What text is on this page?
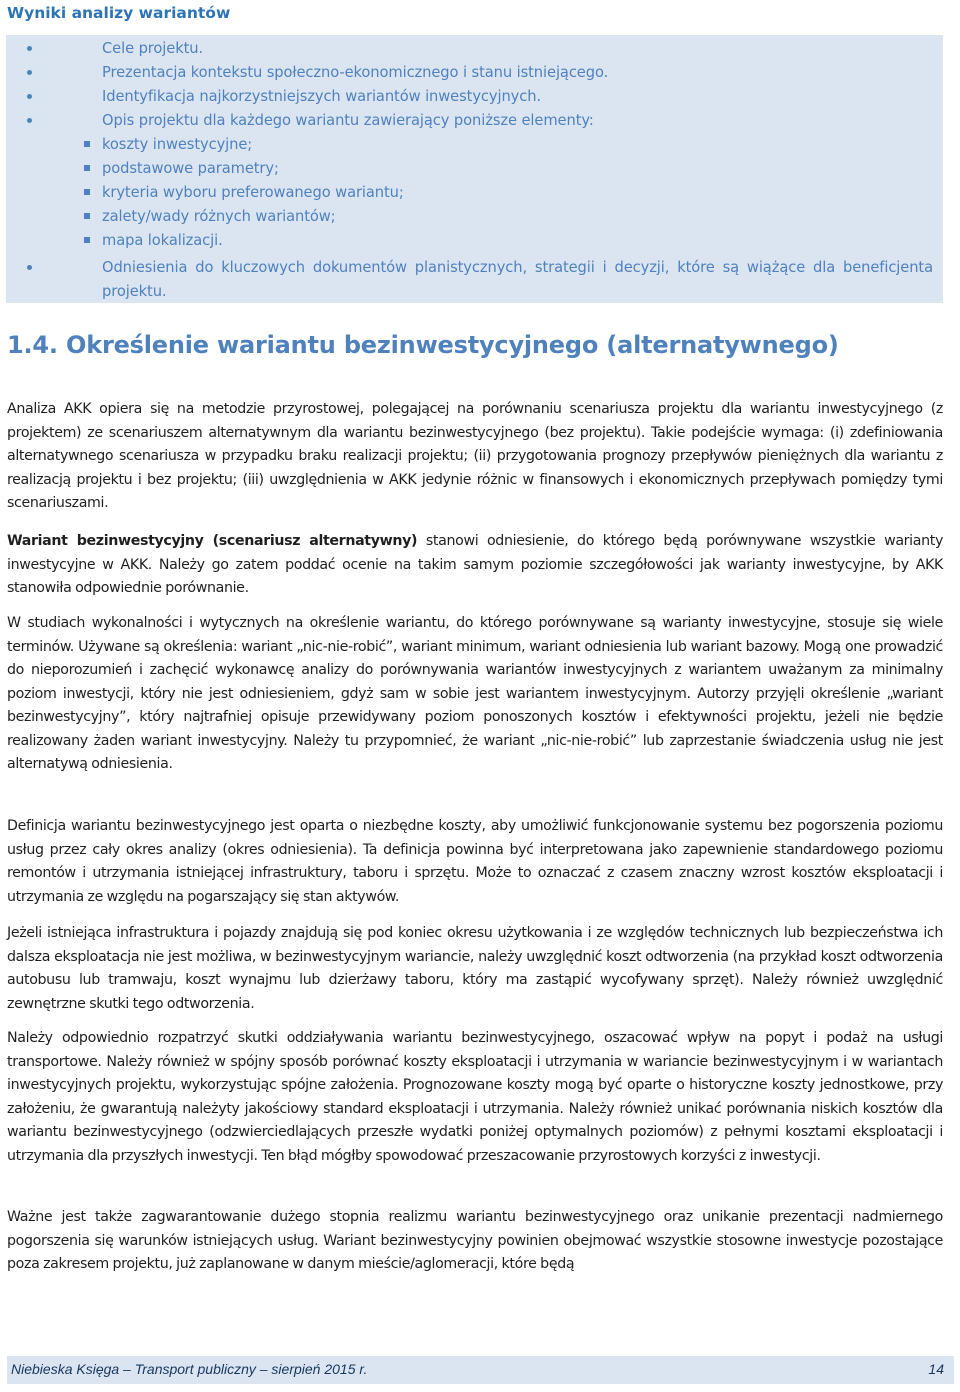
Wyniki analizy wariantów
Cele projektu.
Prezentacja kontekstu społeczno-ekonomicznego i stanu istniejącego.
Identyfikacja najkorzystniejszych wariantów inwestycyjnych.
Opis projektu dla każdego wariantu zawierający poniższe elementy:
koszty inwestycyjne;
podstawowe parametry;
kryteria wyboru preferowanego wariantu;
zalety/wady różnych wariantów;
mapa lokalizacji.
Odniesienia do kluczowych dokumentów planistycznych, strategii i decyzji, które są wiążące dla beneficjenta projektu.
1.4. Określenie wariantu bezinwestycyjnego (alternatywnego)
Analiza AKK opiera się na metodzie przyrostowej, polegającej na porównaniu scenariusza projektu dla wariantu inwestycyjnego (z projektem) ze scenariuszem alternatywnym dla wariantu bezinwestycyjnego (bez projektu). Takie podejście wymaga: (i) zdefiniowania alternatywnego scenariusza w przypadku braku realizacji projektu; (ii) przygotowania prognozy przepływów pieniężnych dla wariantu z realizacją projektu i bez projektu; (iii) uwzględnienia w AKK jedynie różnic w finansowych i ekonomicznych przepływach pomiędzy tymi scenariuszami.
Wariant bezinwestycyjny (scenariusz alternatywny) stanowi odniesienie, do którego będą porównywane wszystkie warianty inwestycyjne w AKK. Należy go zatem poddać ocenie na takim samym poziomie szczegółowości jak warianty inwestycyjne, by AKK stanowiła odpowiednie porównanie.
W studiach wykonalności i wytycznych na określenie wariantu, do którego porównywane są warianty inwestycyjne, stosuje się wiele terminów. Używane są określenia: wariant „nic-nie-robić”, wariant minimum, wariant odniesienia lub wariant bazowy. Mogą one prowadzić do nieporozumień i zachęcić wykonawcę analizy do porównywania wariantów inwestycyjnych z wariantem uważanym za minimalny poziom inwestycji, który nie jest odniesieniem, gdyż sam w sobie jest wariantem inwestycyjnym. Autorzy przyjęli określenie „wariant bezinwestycyjny”, który najtrafniej opisuje przewidywany poziom ponoszonych kosztów i efektywności projektu, jeżeli nie będzie realizowany żaden wariant inwestycyjny. Należy tu przypomnieć, że wariant „nic-nie-robić” lub zaprzestanie świadczenia usług nie jest alternatywą odniesienia.
Definicja wariantu bezinwestycyjnego jest oparta o niezbędne koszty, aby umożliwić funkcjonowanie systemu bez pogorszenia poziomu usług przez cały okres analizy (okres odniesienia). Ta definicja powinna być interpretowana jako zapewnienie standardowego poziomu remontów i utrzymania istniejącej infrastruktury, taboru i sprzętu. Może to oznaczać z czasem znaczny wzrost kosztów eksploatacji i utrzymania ze względu na pogarszający się stan aktywów.
Jeżeli istniejąca infrastruktura i pojazdy znajdują się pod koniec okresu użytkowania i ze względów technicznych lub bezpieczeństwa ich dalsza eksploatacja nie jest możliwa, w bezinwestycyjnym wariancie, należy uwzględnić koszt odtworzenia (na przykład koszt odtworzenia autobusu lub tramwaju, koszt wynajmu lub dzierżawy taboru, który ma zastąpić wycofywany sprzęt). Należy również uwzględnić zewnętrzne skutki tego odtworzenia.
Należy odpowiednio rozpatrzyć skutki oddziaływania wariantu bezinwestycyjnego, oszacować wpływ na popyt i podaż na usługi transportowe. Należy również w spójny sposób porównać koszty eksploatacji i utrzymania w wariancie bezinwestycyjnym i w wariantach inwestycyjnych projektu, wykorzystując spójne założenia. Prognozowane koszty mogą być oparte o historyczne koszty jednostkowe, przy założeniu, że gwarantują należyty jakościowy standard eksploatacji i utrzymania. Należy również unikać porównania niskich kosztów dla wariantu bezinwestycyjnego (odzwierciedlających przeszłe wydatki poniżej optymalnych poziomów) z pełnymi kosztami eksploatacji i utrzymania dla przyszłych inwestycji. Ten błąd mógłby spowodować przeszacowanie przyrostowych korzyści z inwestycji.
Ważne jest także zagwarantowanie dużego stopnia realizmu wariantu bezinwestycyjnego oraz unikanie prezentacji nadmiernego pogorszenia się warunków istniejących usług. Wariant bezinwestycyjny powinien obejmować wszystkie stosowne inwestycje pozostające poza zakresem projektu, już zaplanowane w danym mieście/aglomeracji, które będą
Niebieska Księga – Transport publiczny – sierpień 2015 r.	14
